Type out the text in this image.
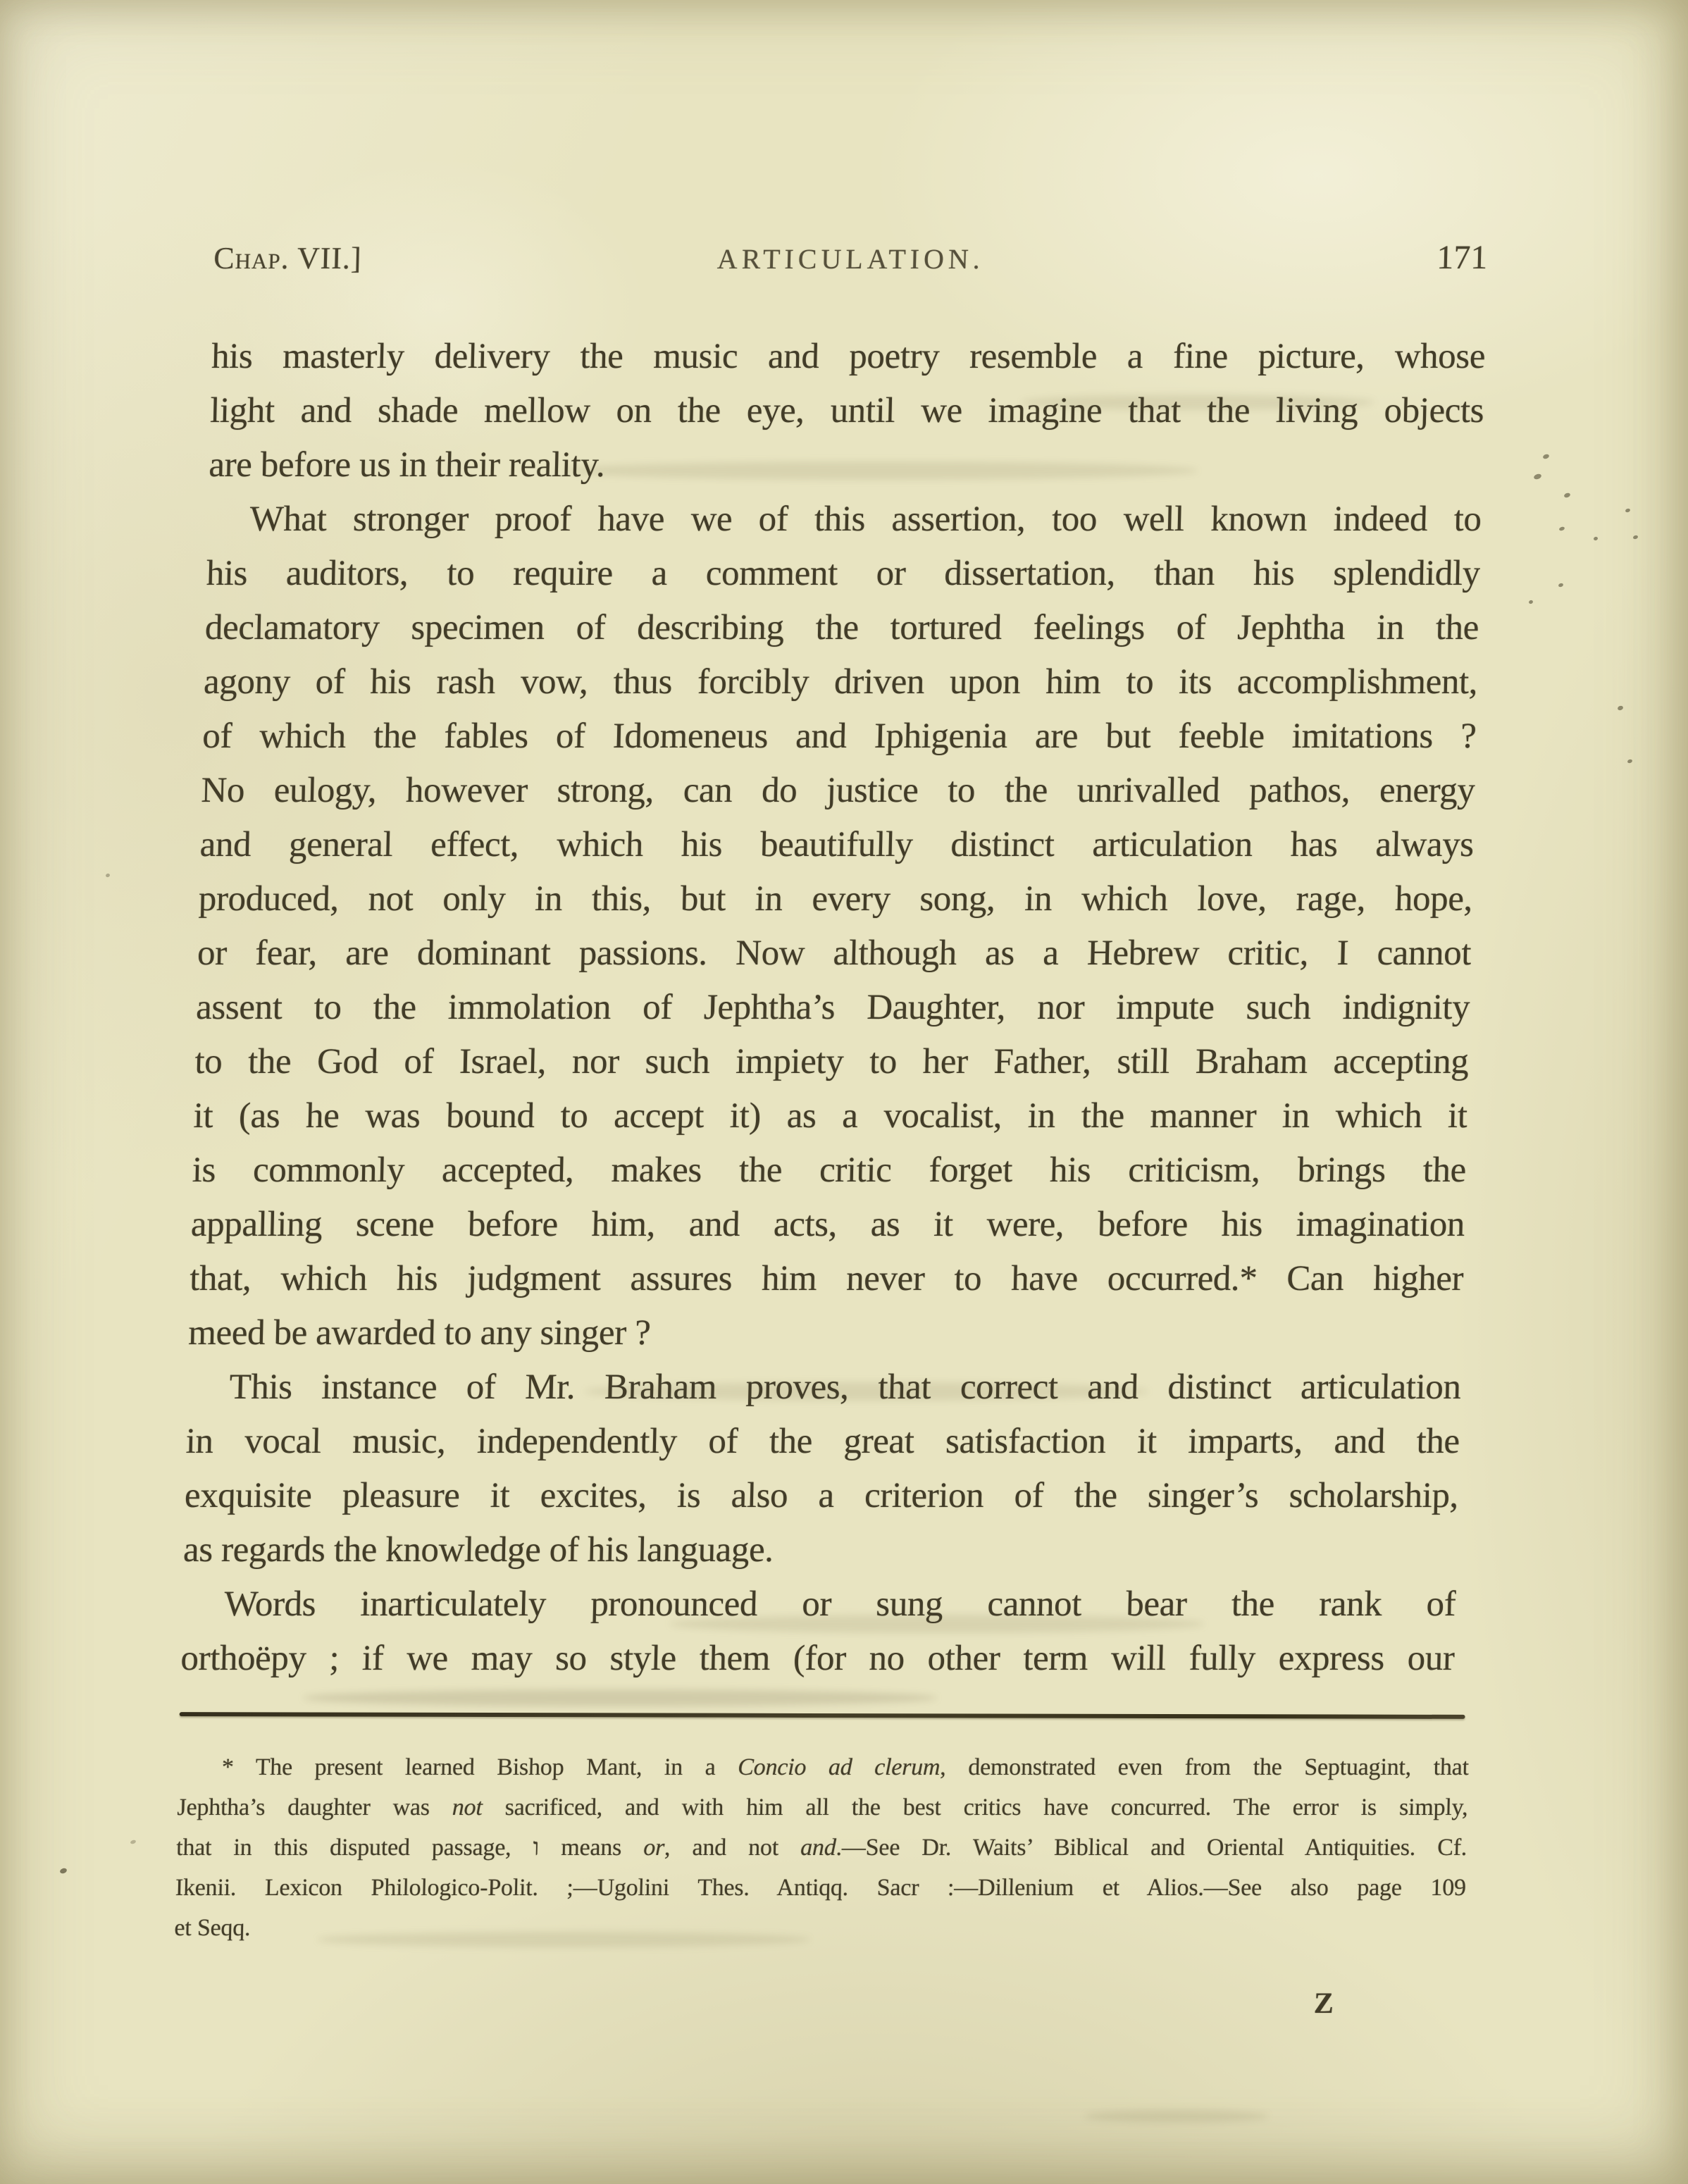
Chap. VII.]	ARTICULATION.	171
his masterly delivery the music and poetry resemble a fine picture, whose
light and shade mellow on the eye, until we imagine that the living objects
are before us in their reality.
What stronger proof have we of this assertion, too well known indeed to
his auditors, to require a comment or dissertation, than his splendidly
declamatory specimen of describing the tortured feelings of Jephtha in the
agony of his rash vow, thus forcibly driven upon him to its accomplishment,
of which the fables of Idomeneus and Iphigenia are but feeble imitations ?
No eulogy, however strong, can do justice to the unrivalled pathos, energy
and general effect, which his beautifully distinct articulation has always
produced, not only in this, but in every song, in which love, rage, hope,
or fear, are dominant passions. Now although as a Hebrew critic, I cannot
assent to the immolation of Jephtha’s Daughter, nor impute such indignity
to the God of Israel, nor such impiety to her Father, still Braham accepting
it (as he was bound to accept it) as a vocalist, in the manner in which it
is commonly accepted, makes the critic forget his criticism, brings the
appalling scene before him, and acts, as it were, before his imagination
that, which his judgment assures him never to have occurred.* Can higher
meed be awarded to any singer ?
This instance of Mr. Braham proves, that correct and distinct articulation
in vocal music, independently of the great satisfaction it imparts, and the
exquisite pleasure it excites, is also a criterion of the singer’s scholarship,
as regards the knowledge of his language.
Words inarticulately pronounced or sung cannot bear the rank of
orthoëpy ; if we may so style them (for no other term will fully express our
* The present learned Bishop Mant, in a Concio ad clerum, demonstrated even from the Septuagint, that
Jephtha’s daughter was not sacrificed, and with him all the best critics have concurred. The error is simply,
that in this disputed passage, ו means or, and not and.—See Dr. Waits’ Biblical and Oriental Antiquities. Cf.
Ikenii. Lexicon Philologico-Polit. ;—Ugolini Thes. Antiqq. Sacr :—Dillenium et Alios.—See also page 109
et Seqq.
Z
